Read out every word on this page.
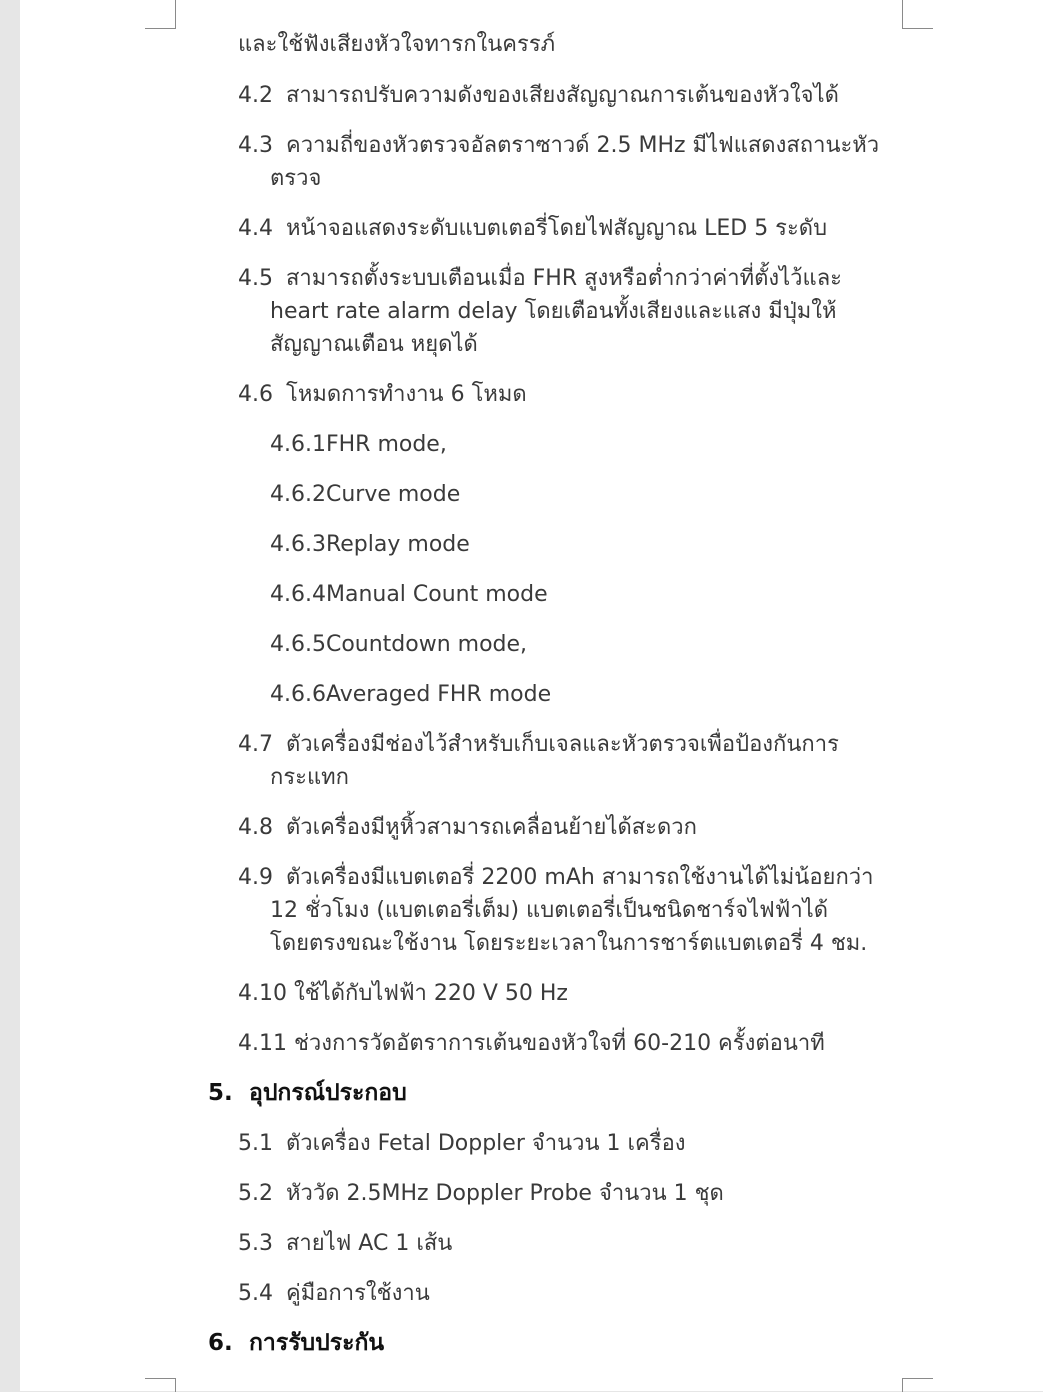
และใช้ฟังเสียงหัวใจทารกในครรภ์
4.2 สามารถปรับความดังของเสียงสัญญาณการเต้นของหัวใจได้
4.3 ความถี่ของหัวตรวจอัลตราซาวด์ 2.5 MHz มีไฟแสดงสถานะหัว
ตรวจ
4.4 หน้าจอแสดงระดับแบตเตอรี่โดยไฟสัญญาณ LED 5 ระดับ
4.5 สามารถตั้งระบบเตือนเมื่อ FHR สูงหรือต่ำกว่าค่าที่ตั้งไว้และ
heart rate alarm delay โดยเตือนทั้งเสียงและแสง มีปุ่มให้
สัญญาณเตือน หยุดได้
4.6 โหมดการทำงาน 6 โหมด
4.6.1FHR mode,
4.6.2Curve mode
4.6.3Replay mode
4.6.4Manual Count mode
4.6.5Countdown mode,
4.6.6Averaged FHR mode
4.7 ตัวเครื่องมีช่องไว้สำหรับเก็บเจลและหัวตรวจเพื่อป้องกันการ
กระแทก
4.8 ตัวเครื่องมีหูหิ้วสามารถเคลื่อนย้ายได้สะดวก
4.9 ตัวเครื่องมีแบตเตอรี่ 2200 mAh สามารถใช้งานได้ไม่น้อยกว่า
12 ชั่วโมง (แบตเตอรี่เต็ม) แบตเตอรี่เป็นชนิดชาร์จไฟฟ้าได้
โดยตรงขณะใช้งาน โดยระยะเวลาในการชาร์ตแบตเตอรี่ 4 ชม.
4.10 ใช้ได้กับไฟฟ้า 220 V 50 Hz
4.11 ช่วงการวัดอัตราการเต้นของหัวใจที่ 60-210 ครั้งต่อนาที
5. อุปกรณ์ประกอบ
5.1 ตัวเครื่อง Fetal Doppler จำนวน 1 เครื่อง
5.2 หัววัด 2.5MHz Doppler Probe จำนวน 1 ชุด
5.3 สายไฟ AC 1 เส้น
5.4 คู่มือการใช้งาน
6. การรับประกัน
